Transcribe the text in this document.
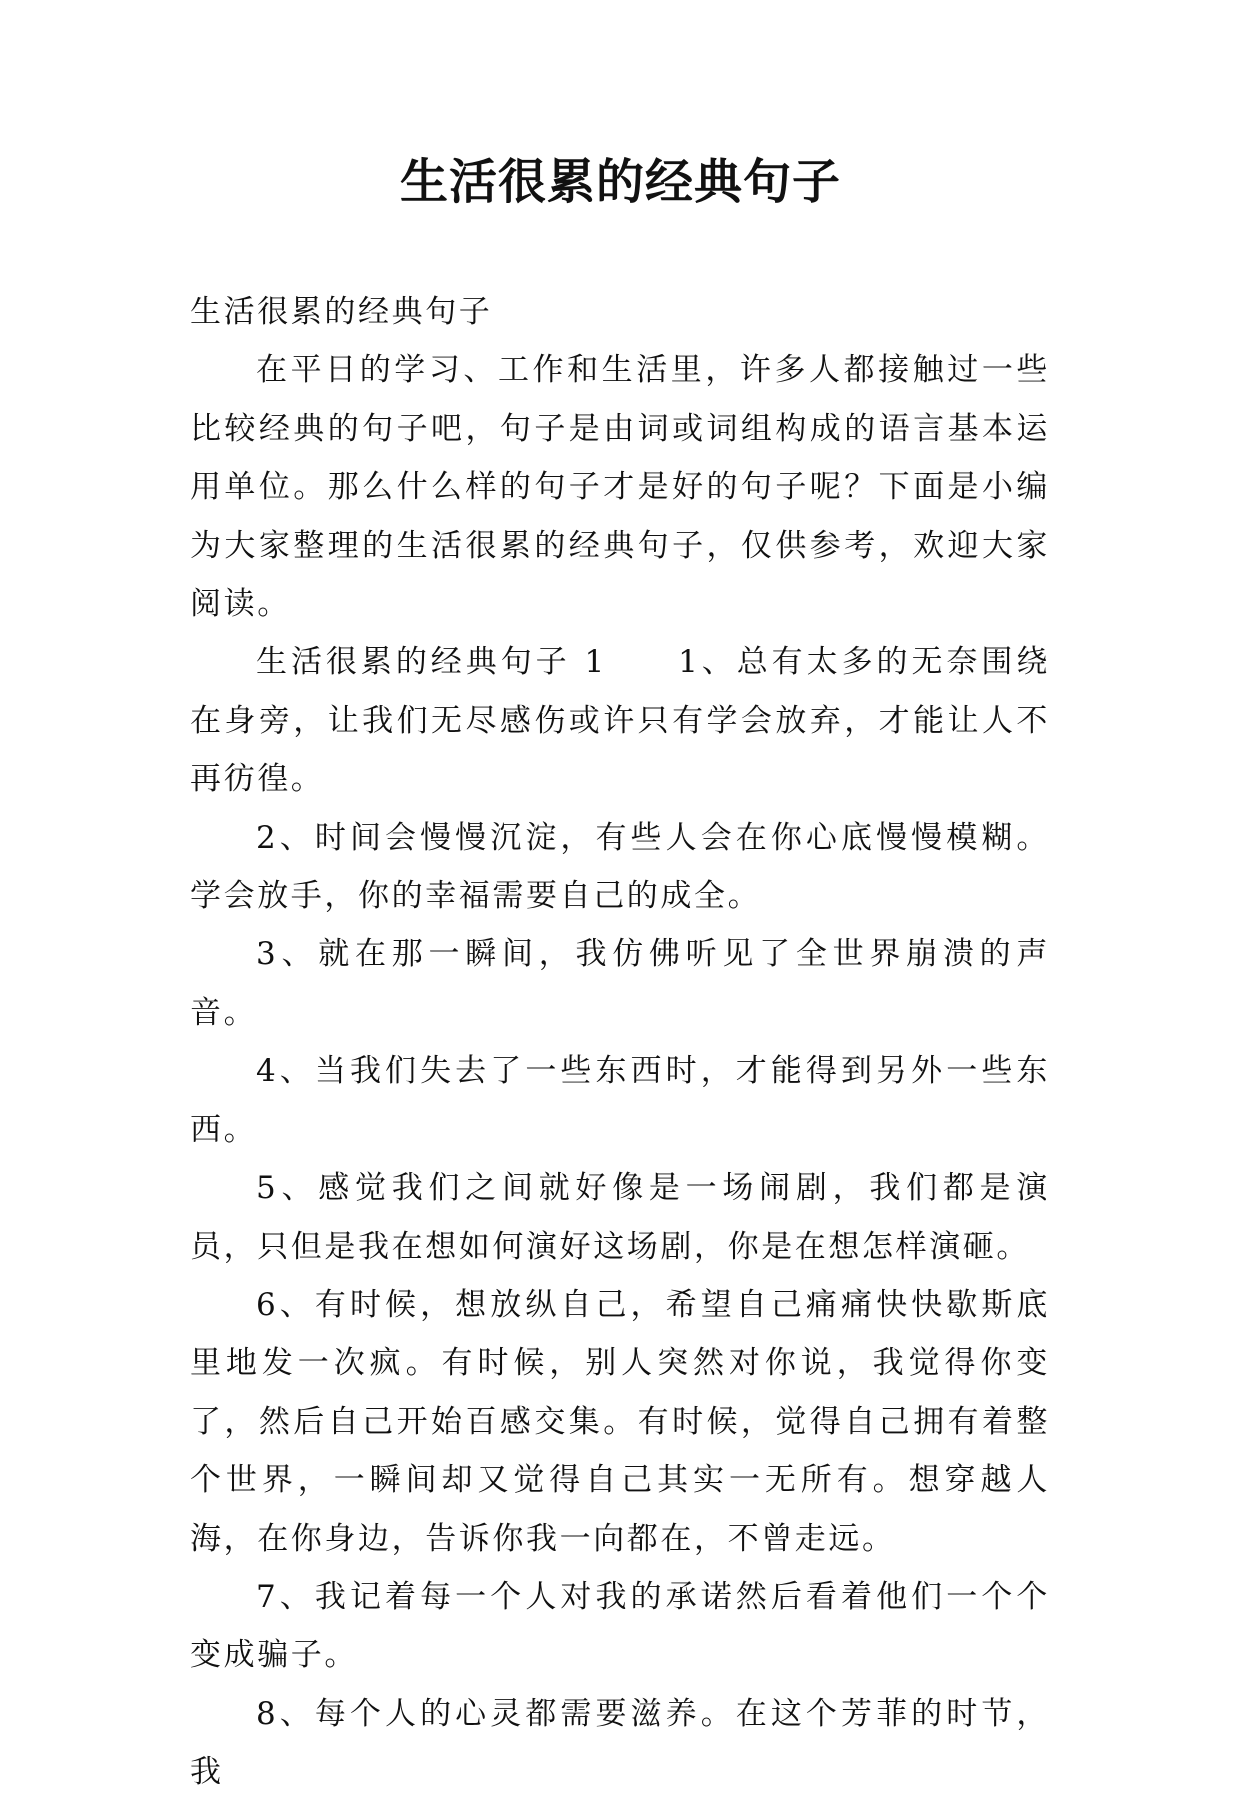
生活很累的经典句子

生活很累的经典句子

在平日的学习、工作和生活里，许多人都接触过一些比较经典的句子吧，句子是由词或词组构成的语言基本运用单位。那么什么样的句子才是好的句子呢？下面是小编为大家整理的生活很累的经典句子，仅供参考，欢迎大家阅读。

生活很累的经典句子 1　　1、总有太多的无奈围绕在身旁，让我们无尽感伤或许只有学会放弃，才能让人不再彷徨。

2、时间会慢慢沉淀，有些人会在你心底慢慢模糊。学会放手，你的幸福需要自己的成全。

3、就在那一瞬间，我仿佛听见了全世界崩溃的声音。

4、当我们失去了一些东西时，才能得到另外一些东西。

5、感觉我们之间就好像是一场闹剧，我们都是演员，只但是我在想如何演好这场剧，你是在想怎样演砸。

6、有时候，想放纵自己，希望自己痛痛快快歇斯底里地发一次疯。有时候，别人突然对你说，我觉得你变了，然后自己开始百感交集。有时候，觉得自己拥有着整个世界，一瞬间却又觉得自己其实一无所有。想穿越人海，在你身边，告诉你我一向都在，不曾走远。

7、我记着每一个人对我的承诺然后看着他们一个个变成骗子。

8、每个人的心灵都需要滋养。在这个芳菲的时节，我
